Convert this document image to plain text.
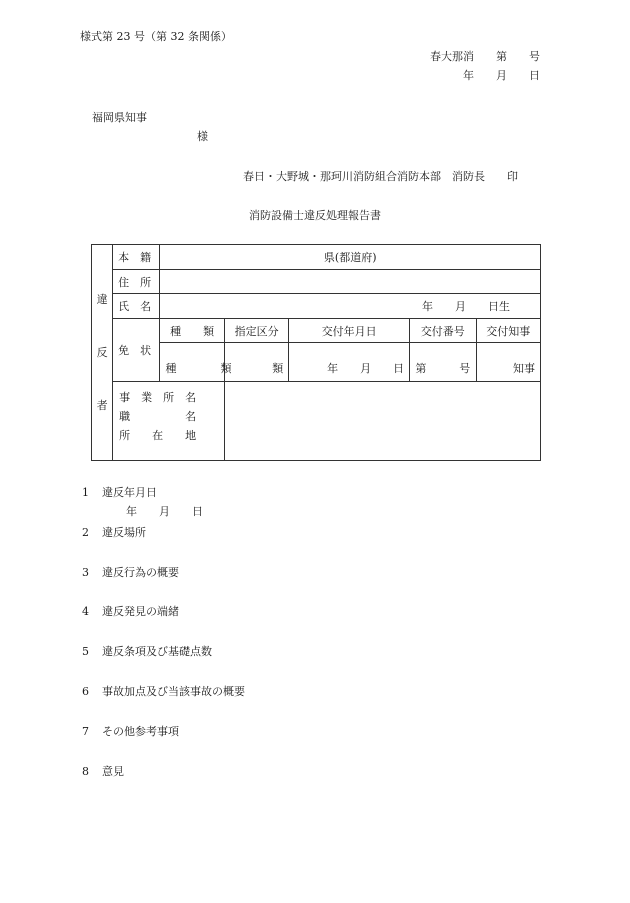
様式第 23 号（第 32 条関係）
春大那消　　第　　号
年　　月　　日
福岡県知事
様
春日・大野城・那珂川消防組合消防本部　消防長　　印
消防設備士違反処理報告書
違
反
者	本　籍	県(都道府)				
	住　所					
	氏　名	年　　月　　日生				
	免　状	種　　類	指定区分	交付年月日	交付番号	交付知事
		種　　　　類	類	年　　月　　日	第　　　号	知事

	事　業　所　名
職　　　　　名
所　　在　　地					

1 違反年月日
年　　月　　日
2 違反場所
3 違反行為の概要
4 違反発見の端緒
5 違反条項及び基礎点数
6 事故加点及び当該事故の概要
7 その他参考事項
8 意見
